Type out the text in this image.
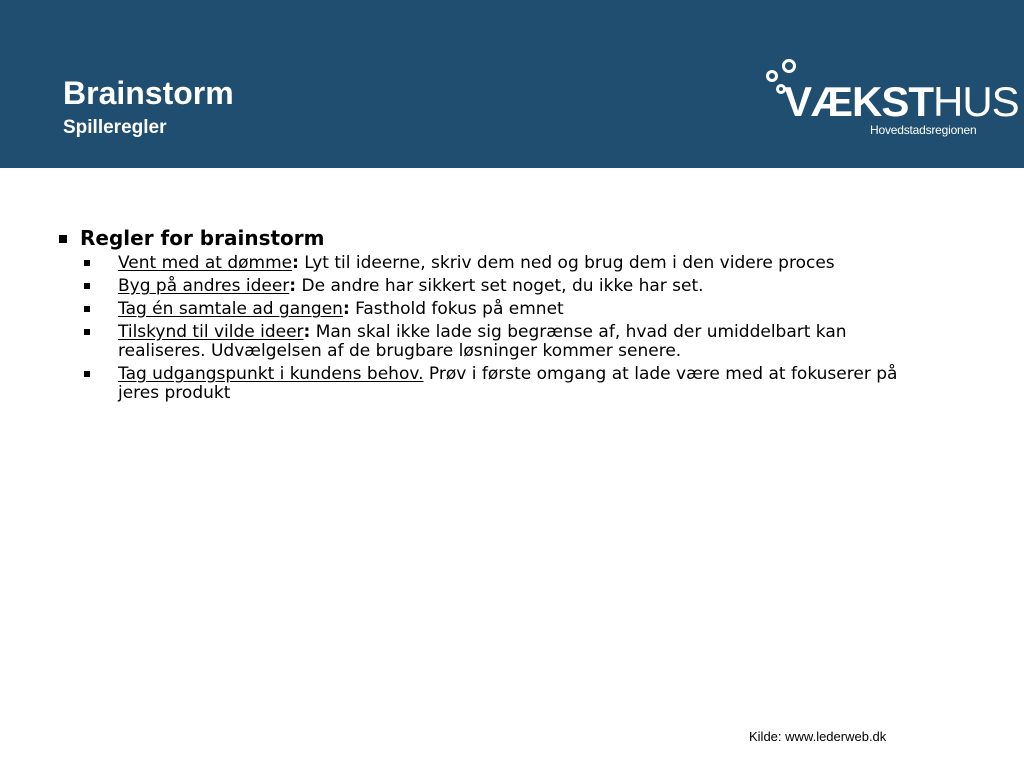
Brainstorm
Spilleregler
VÆKSTHUS
Hovedstadsregionen
Regler for brainstorm
Vent med at dømme: Lyt til ideerne, skriv dem ned og brug dem i den videre proces
Byg på andres ideer: De andre har sikkert set noget, du ikke har set.
Tag én samtale ad gangen: Fasthold fokus på emnet
Tilskynd til vilde ideer: Man skal ikke lade sig begrænse af, hvad der umiddelbart kan realiseres. Udvælgelsen af de brugbare løsninger kommer senere.
Tag udgangspunkt i kundens behov. Prøv i første omgang at lade være med at fokuserer på jeres produkt
Kilde: www.lederweb.dk
